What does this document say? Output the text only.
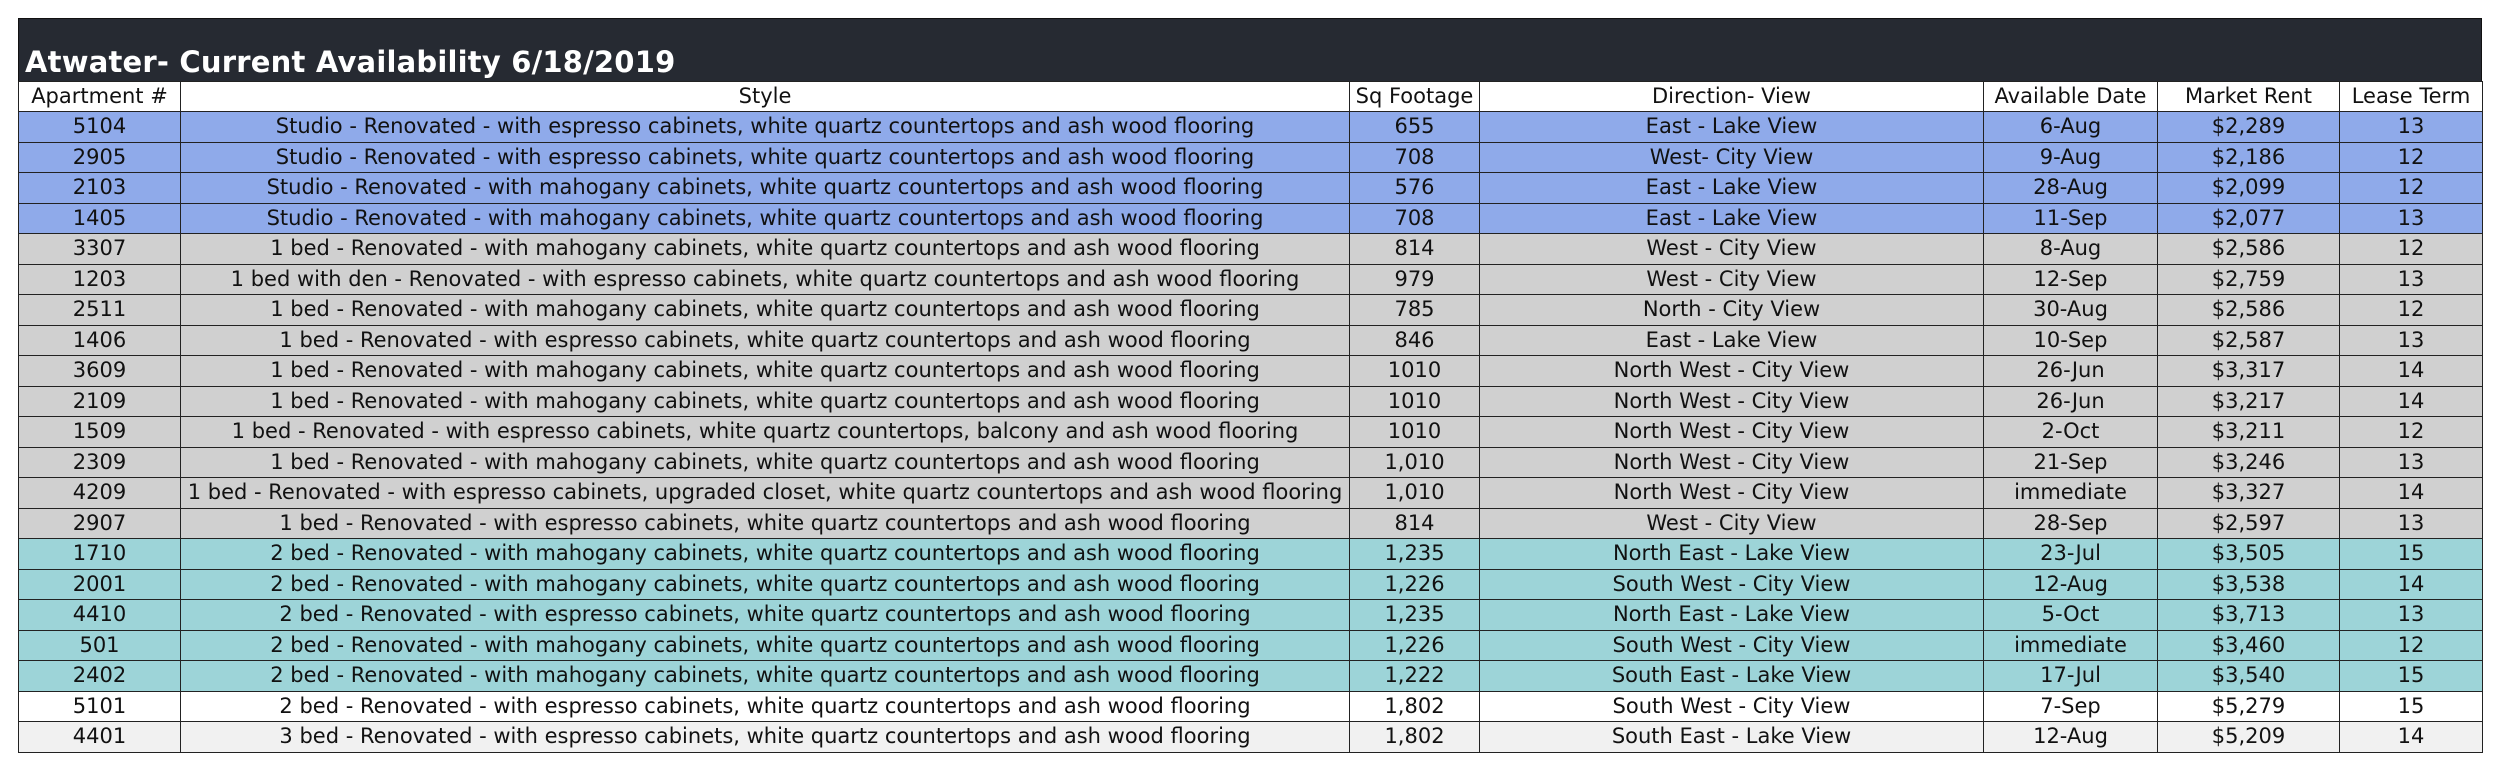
Atwater- Current Availability 6/18/2019
Apartment #	Style	Sq Footage	Direction- View	Available Date	Market Rent	Lease Term
5104	Studio - Renovated - with espresso cabinets, white quartz countertops and ash wood flooring	655	East - Lake View	6-Aug	$2,289	13
2905	Studio - Renovated - with espresso cabinets, white quartz countertops and ash wood flooring	708	West- City View	9-Aug	$2,186	12
2103	Studio - Renovated - with mahogany cabinets, white quartz countertops and ash wood flooring	576	East - Lake View	28-Aug	$2,099	12
1405	Studio - Renovated - with mahogany cabinets, white quartz countertops and ash wood flooring	708	East - Lake View	11-Sep	$2,077	13
3307	1 bed - Renovated - with mahogany cabinets, white quartz countertops and ash wood flooring	814	West - City View	8-Aug	$2,586	12
1203	1 bed with den - Renovated - with espresso cabinets, white quartz countertops and ash wood flooring	979	West - City View	12-Sep	$2,759	13
2511	1 bed - Renovated - with mahogany cabinets, white quartz countertops and ash wood flooring	785	North - City View	30-Aug	$2,586	12
1406	1 bed - Renovated - with espresso cabinets, white quartz countertops and ash wood flooring	846	East - Lake View	10-Sep	$2,587	13
3609	1 bed - Renovated - with mahogany cabinets, white quartz countertops and ash wood flooring	1010	North West - City View	26-Jun	$3,317	14
2109	1 bed - Renovated - with mahogany cabinets, white quartz countertops and ash wood flooring	1010	North West - City View	26-Jun	$3,217	14
1509	1 bed - Renovated - with espresso cabinets, white quartz countertops, balcony and ash wood flooring	1010	North West - City View	2-Oct	$3,211	12
2309	1 bed - Renovated - with mahogany cabinets, white quartz countertops and ash wood flooring	1,010	North West - City View	21-Sep	$3,246	13
4209	1 bed - Renovated - with espresso cabinets, upgraded closet, white quartz countertops and ash wood flooring	1,010	North West - City View	immediate	$3,327	14
2907	1 bed - Renovated - with espresso cabinets, white quartz countertops and ash wood flooring	814	West - City View	28-Sep	$2,597	13
1710	2 bed - Renovated - with mahogany cabinets, white quartz countertops and ash wood flooring	1,235	North East - Lake View	23-Jul	$3,505	15
2001	2 bed - Renovated - with mahogany cabinets, white quartz countertops and ash wood flooring	1,226	South West - City View	12-Aug	$3,538	14
4410	2 bed - Renovated - with espresso cabinets, white quartz countertops and ash wood flooring	1,235	North East - Lake View	5-Oct	$3,713	13
501	2 bed - Renovated - with mahogany cabinets, white quartz countertops and ash wood flooring	1,226	South West - City View	immediate	$3,460	12
2402	2 bed - Renovated - with mahogany cabinets, white quartz countertops and ash wood flooring	1,222	South East - Lake View	17-Jul	$3,540	15
5101	2 bed - Renovated - with espresso cabinets, white quartz countertops and ash wood flooring	1,802	South West - City View	7-Sep	$5,279	15
4401	3 bed - Renovated - with espresso cabinets, white quartz countertops and ash wood flooring	1,802	South East - Lake View	12-Aug	$5,209	14
